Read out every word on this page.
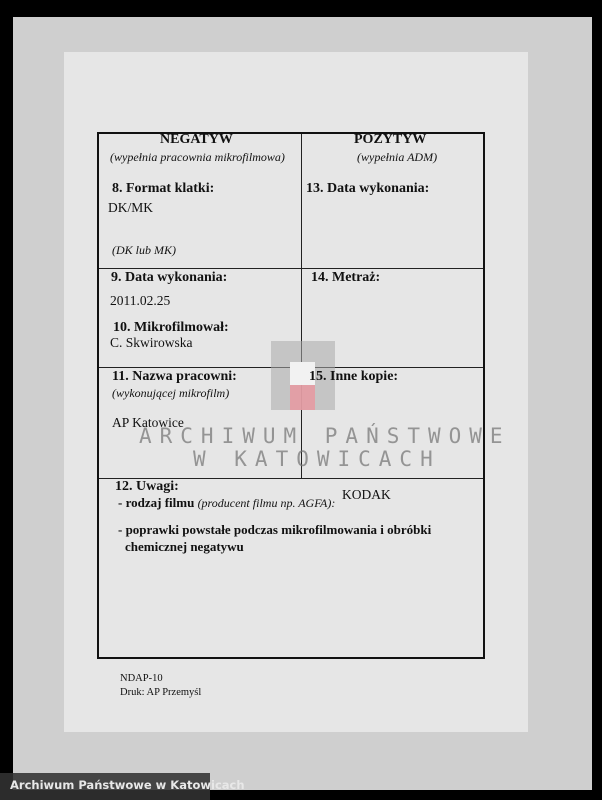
NEGATYW
(wypełnia pracownia mikrofilmowa)
POZYTYW
(wypełnia ADM)
8. Format klatki:
DK/MK
(DK lub MK)
13. Data wykonania:
9. Data wykonania:
2011.02.25
10. Mikrofilmował:
C. Skwirowska
14. Metraż:
11. Nazwa pracowni:
(wykonującej mikrofilm)
AP Katowice
15. Inne kopie:
ARCHIWUM PAŃSTWOWE
W KATOWICACH
12. Uwagi:
- rodzaj filmu (producent filmu np. AGFA):
KODAK
- poprawki powstałe podczas mikrofilmowania i obróbki
chemicznej negatywu
NDAP-10
Druk: AP Przemyśl
Archiwum Państwowe w Katowicach
